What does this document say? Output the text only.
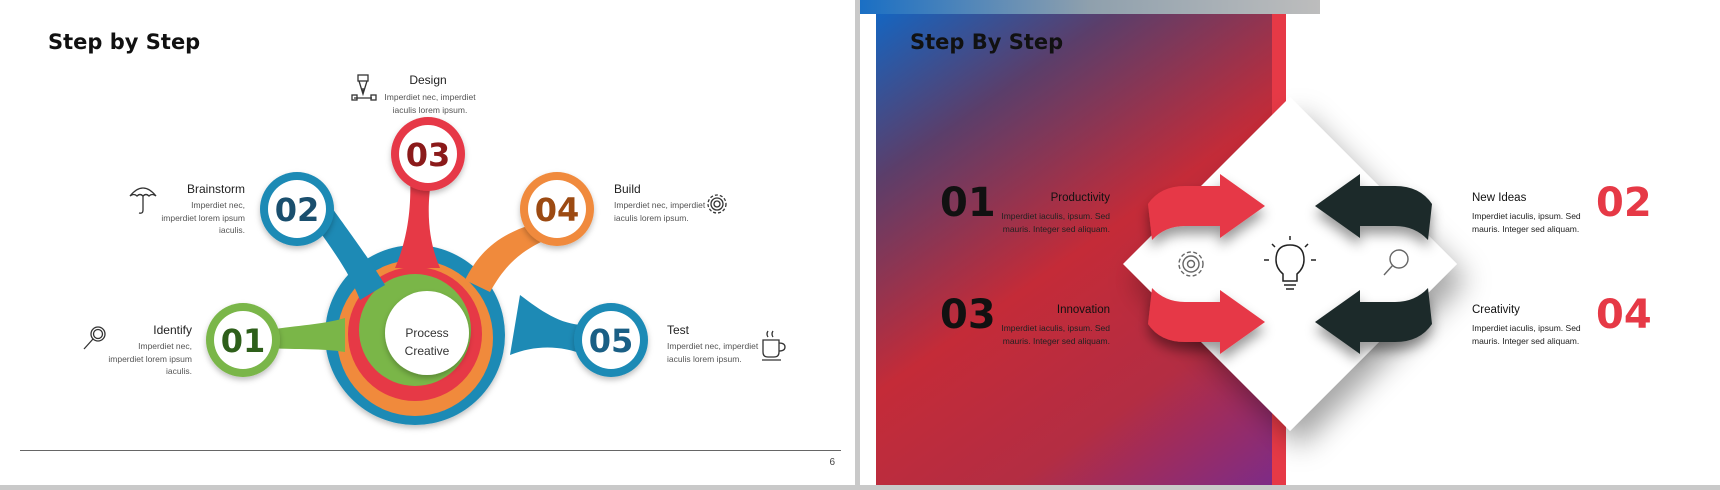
Step by Step
03
02	04
01	05
Process
Creative
Design
Imperdiet nec, imperdiet
iaculis lorem ipsum.
Brainstorm
Imperdiet nec,
imperdiet lorem ipsum
iaculis.
Build
Imperdiet nec, imperdiet
iaculis lorem ipsum.
Identify
Imperdiet nec,
imperdiet lorem ipsum
iaculis.
Test
Imperdiet nec, imperdiet
iaculis lorem ipsum.
6
Step By Step
01	Productivity
Imperdiet iaculis, ipsum. Sed
mauris. Integer sed aliquam.
03	Innovation
Imperdiet iaculis, ipsum. Sed
mauris. Integer sed aliquam.
New Ideas
Imperdiet iaculis, ipsum. Sed
mauris. Integer sed aliquam.
02
Creativity
Imperdiet iaculis, ipsum. Sed
mauris. Integer sed aliquam.
04
